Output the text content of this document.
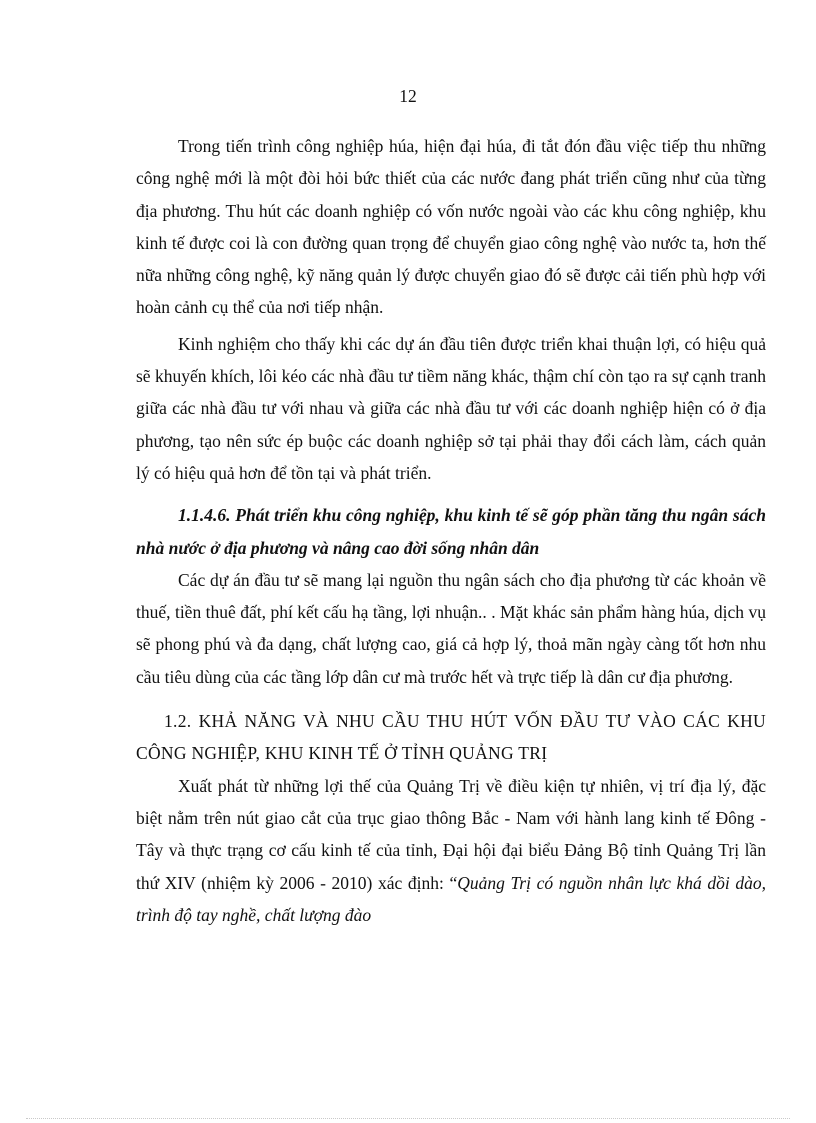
12

Trong tiến trình công nghiệp húa, hiện đại húa, đi tắt đón đầu việc tiếp thu những công nghệ mới là một đòi hỏi bức thiết của các nước đang phát triển cũng như của từng địa phương. Thu hút các doanh nghiệp có vốn nước ngoài vào các khu công nghiệp, khu kinh tế được coi là con đường quan trọng để chuyển giao công nghệ vào nước ta, hơn thế nữa những công nghệ, kỹ năng quản lý được chuyển giao đó sẽ được cải tiến phù hợp với hoàn cảnh cụ thể của nơi tiếp nhận.

Kinh nghiệm cho thấy khi các dự án đầu tiên được triển khai thuận lợi, có hiệu quả sẽ khuyến khích, lôi kéo các nhà đầu tư tiềm năng khác, thậm chí còn tạo ra sự cạnh tranh giữa các nhà đầu tư với nhau và giữa các nhà đầu tư với các doanh nghiệp hiện có ở địa phương, tạo nên sức ép buộc các doanh nghiệp sở tại phải thay đổi cách làm, cách quản lý có hiệu quả hơn để tồn tại và phát triển.

1.1.4.6. Phát triển khu công nghiệp, khu kinh tế sẽ góp phần tăng thu ngân sách nhà nước ở địa phương và nâng cao đời sống nhân dân

Các dự án đầu tư sẽ mang lại nguồn thu ngân sách cho địa phương từ các khoản về thuế, tiền thuê đất, phí kết cấu hạ tầng, lợi nhuận.. . Mặt khác sản phẩm hàng húa, dịch vụ sẽ phong phú và đa dạng, chất lượng cao, giá cả hợp lý, thoả mãn ngày càng tốt hơn nhu cầu tiêu dùng của các tầng lớp dân cư mà trước hết và trực tiếp là dân cư địa phương.

1.2. KHẢ NĂNG VÀ NHU CẦU THU HÚT VỐN ĐẦU TƯ VÀO CÁC KHU CÔNG NGHIỆP, KHU KINH TẾ Ở TỈNH QUẢNG TRỊ

Xuất phát từ những lợi thế của Quảng Trị về điều kiện tự nhiên, vị trí địa lý, đặc biệt nằm trên nút giao cắt của trục giao thông Bắc - Nam với hành lang kinh tế Đông - Tây và thực trạng cơ cấu kinh tế của tỉnh, Đại hội đại biểu Đảng Bộ tỉnh Quảng Trị lần thứ XIV (nhiệm kỳ 2006 - 2010) xác định: “Quảng Trị có nguồn nhân lực khá dồi dào, trình độ tay nghề, chất lượng đào
